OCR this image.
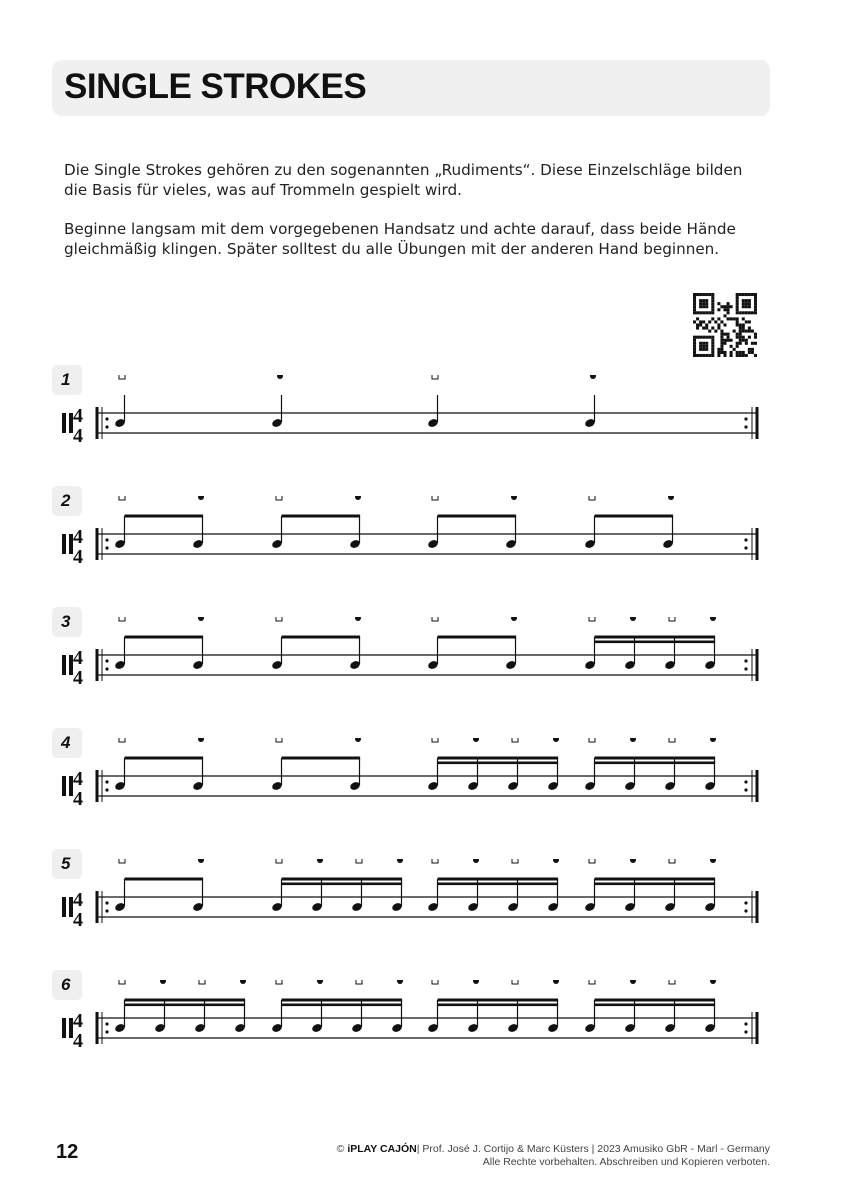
SINGLE STROKES

Die Single Strokes gehören zu den sogenannten „Rudiments“. Diese Einzelschläge bilden die Basis für vieles, was auf Trommeln gespielt wird.

Beginne langsam mit dem vorgegebenen Handsatz und achte darauf, dass beide Hände gleichmäßig klingen. Später solltest du alle Übungen mit der anderen Hand beginnen.

1
4
4
2
4
4
3
4
4
4
4
4
5
4
4
6
4
4
12	© iPLAY CAJÓN| Prof. José J. Cortijo & Marc Küsters | 2023 Amusiko GbR - Marl - Germany
Alle Rechte vorbehalten. Abschreiben und Kopieren verboten.
